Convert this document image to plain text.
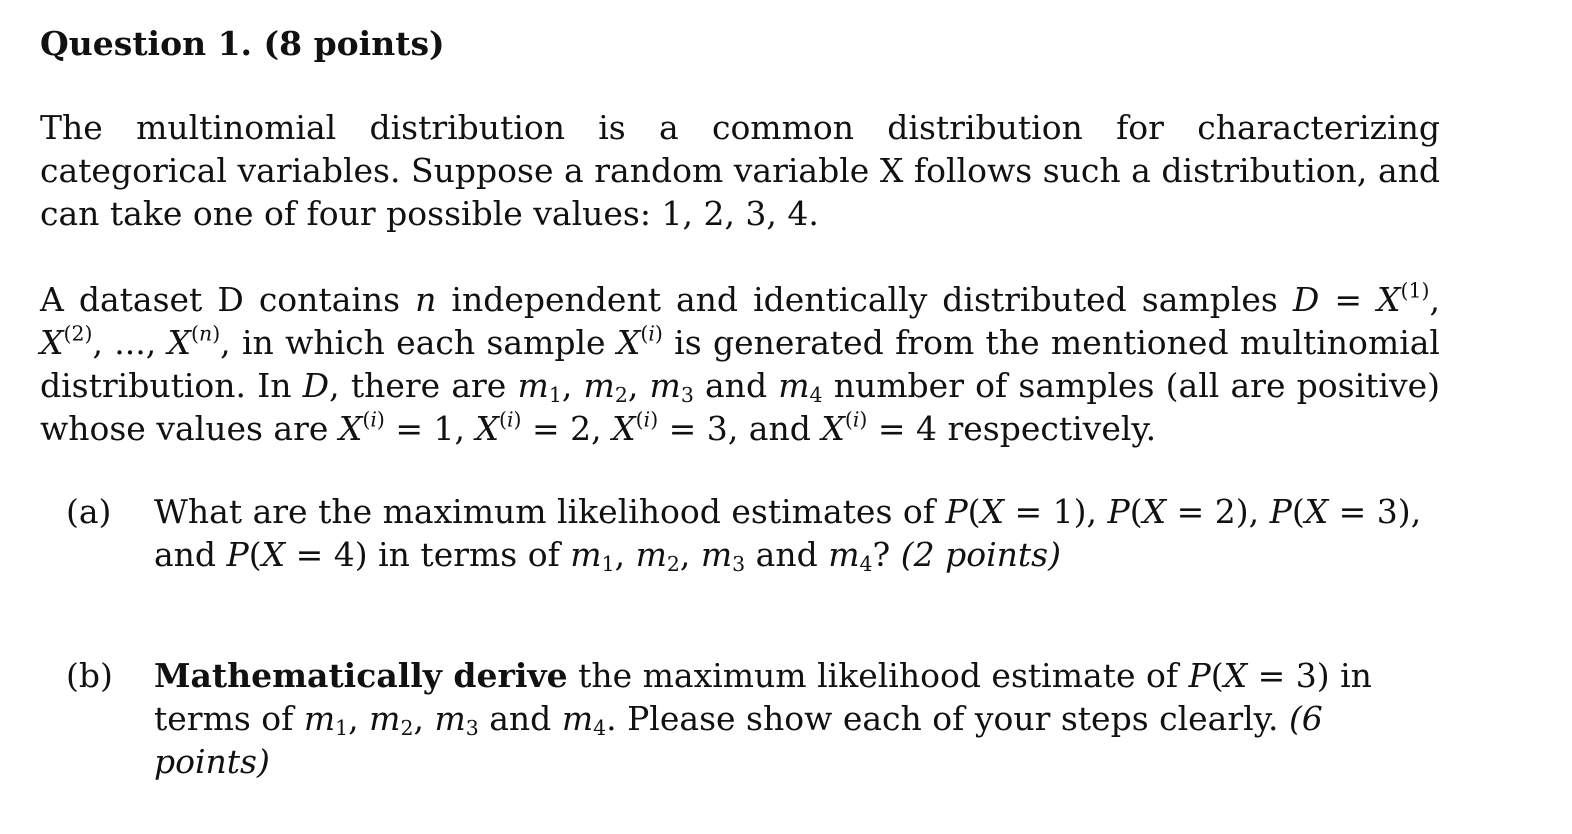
Question 1. (8 points)

The multinomial distribution is a common distribution for characterizing categorical variables. Suppose a random variable X follows such a distribution, and can take one of four possible values: 1, 2, 3, 4.

A dataset D contains n independent and identically distributed samples $D = X^{(1)}$, $X^{(2)}$, ..., $X^{(n)}$, in which each sample $X^{(i)}$ is generated from the mentioned multinomial distribution. In D, there are $m_1$, $m_2$, $m_3$ and $m_4$ number of samples (all are positive) whose values are $X^{(i)} = 1$, $X^{(i)} = 2$, $X^{(i)} = 3$, and $X^{(i)} = 4$ respectively.

(a) What are the maximum likelihood estimates of P(X = 1), P(X = 2), P(X = 3), and P(X = 4) in terms of $m_1$, $m_2$, $m_3$ and $m_4$? (2 points)
(b) Mathematically derive the maximum likelihood estimate of P(X = 3) in terms of $m_1$, $m_2$, $m_3$ and $m_4$. Please show each of your steps clearly. (6 points)
